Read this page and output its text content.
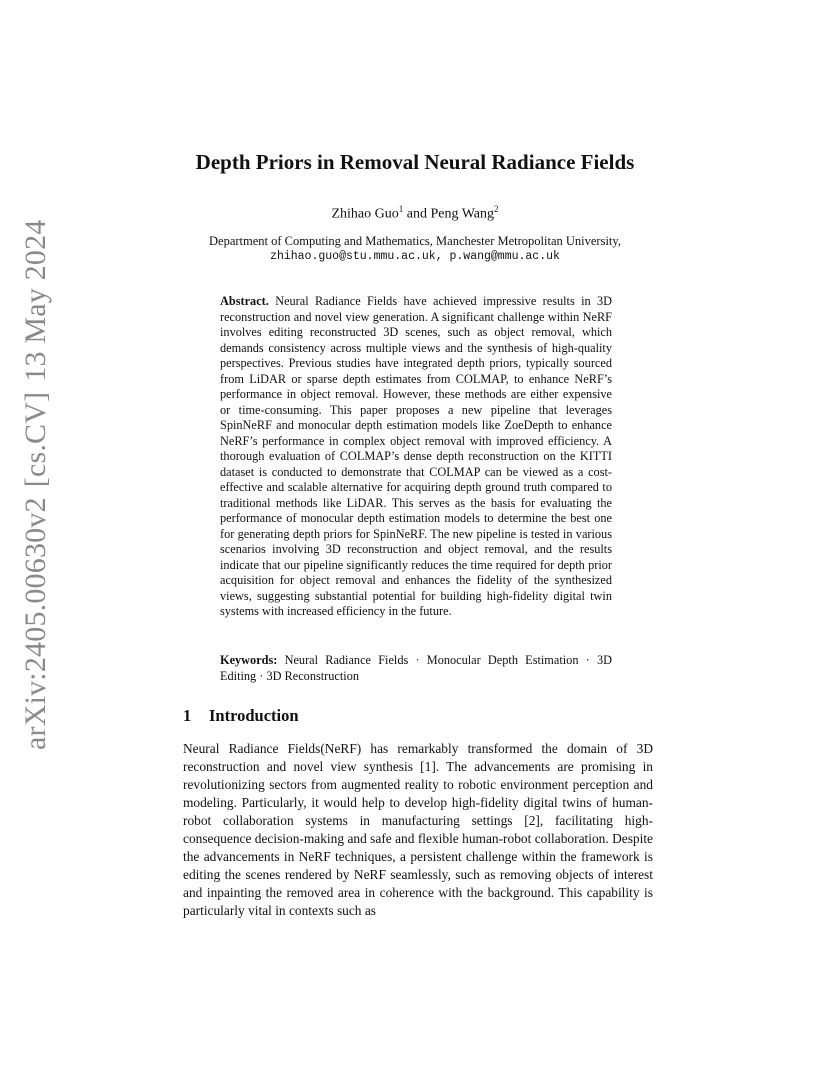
arXiv:2405.00630v2
[cs.CV]
13 May 2024
Depth Priors in Removal Neural Radiance Fields
Zhihao Guo$^1$ and Peng Wang$^2$
Department of Computing and Mathematics, Manchester Metropolitan University,
zhihao.guo@stu.mmu.ac.uk, p.wang@mmu.ac.uk

Abstract. Neural Radiance Fields have achieved impressive results in 3D reconstruction and novel view generation. A significant challenge within NeRF involves editing reconstructed 3D scenes, such as object removal, which demands consistency across multiple views and the synthesis of high-quality perspectives. Previous studies have integrated depth priors, typically sourced from LiDAR or sparse depth estimates from COLMAP, to enhance NeRF’s performance in object removal. However, these methods are either expensive or time-consuming. This paper proposes a new pipeline that leverages SpinNeRF and monocular depth estimation models like ZoeDepth to enhance NeRF’s performance in complex object removal with improved efficiency. A thorough evaluation of COLMAP’s dense depth reconstruction on the KITTI dataset is conducted to demonstrate that COLMAP can be viewed as a cost-effective and scalable alternative for acquiring depth ground truth compared to traditional methods like LiDAR. This serves as the basis for evaluating the performance of monocular depth estimation models to determine the best one for generating depth priors for SpinNeRF. The new pipeline is tested in various scenarios involving 3D reconstruction and object removal, and the results indicate that our pipeline significantly reduces the time required for depth prior acquisition for object removal and enhances the fidelity of the synthesized views, suggesting substantial potential for building high-fidelity digital twin systems with increased efficiency in the future.

Keywords: Neural Radiance Fields · Monocular Depth Estimation · 3D Editing · 3D Reconstruction

1	Introduction

Neural Radiance Fields(NeRF) has remarkably transformed the domain of 3D reconstruction and novel view synthesis [1]. The advancements are promising in revolutionizing sectors from augmented reality to robotic environment perception and modeling. Particularly, it would help to develop high-fidelity digital twins of human-robot collaboration systems in manufacturing settings [2], facilitating high-consequence decision-making and safe and flexible human-robot collaboration. Despite the advancements in NeRF techniques, a persistent challenge within the framework is editing the scenes rendered by NeRF seamlessly, such as removing objects of interest and inpainting the removed area in coherence with the background. This capability is particularly vital in contexts such as
